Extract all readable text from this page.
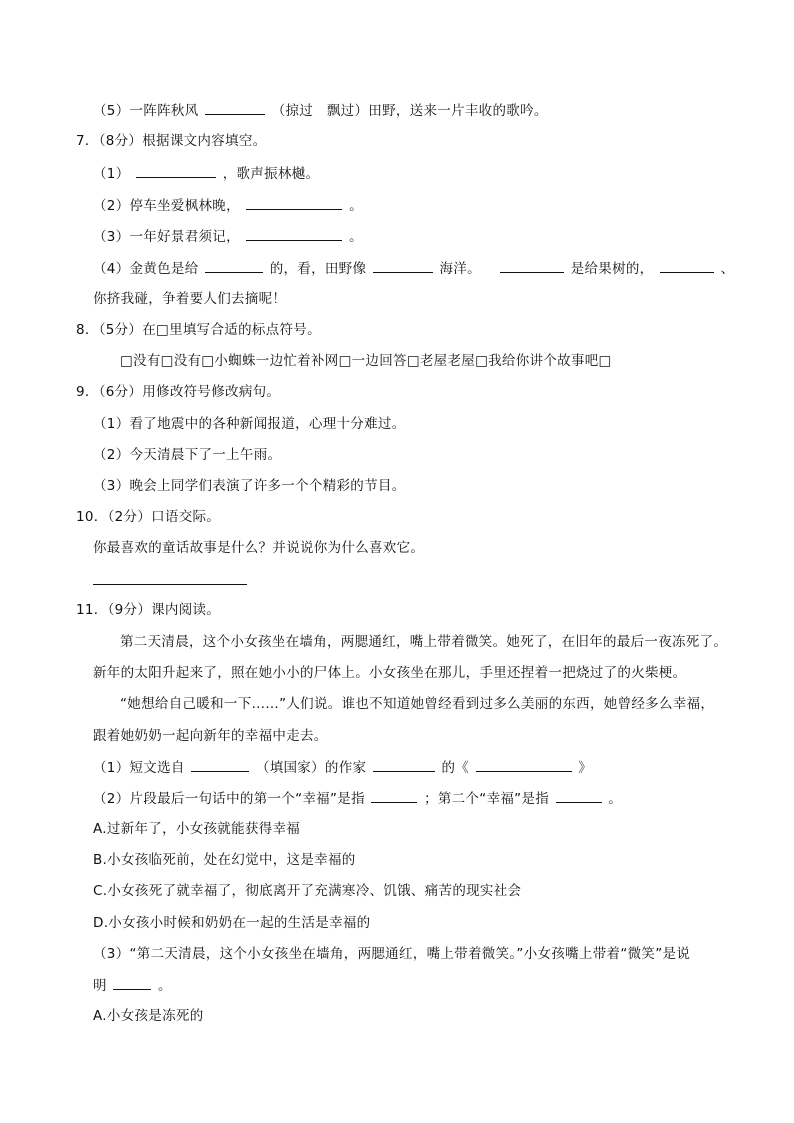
（5）一阵阵秋风	（掠过　飘过）田野，送来一片丰收的歌吟。
7．（8分）根据课文内容填空。
（1）	，歌声振林樾。
（2）停车坐爱枫林晚，	。
（3）一年好景君须记，	。
（4）金黄色是给	的，看，田野像	海洋。	是给果树的，	、
你挤我碰，争着要人们去摘呢！
8．（5分）在□里填写合适的标点符号。
□没有□没有□小蜘蛛一边忙着补网□一边回答□老屋老屋□我给你讲个故事吧□
9．（6分）用修改符号修改病句。
（1）看了地震中的各种新闻报道，心理十分难过。
（2）今天清晨下了一上午雨。
（3）晚会上同学们表演了许多一个个精彩的节目。
10．（2分）口语交际。
你最喜欢的童话故事是什么？并说说你为什么喜欢它。
11．（9分）课内阅读。
第二天清晨，这个小女孩坐在墙角，两腮通红，嘴上带着微笑。她死了，在旧年的最后一夜冻死了。
新年的太阳升起来了，照在她小小的尸体上。小女孩坐在那儿，手里还捏着一把烧过了的火柴梗。
“她想给自己暖和一下……”人们说。谁也不知道她曾经看到过多么美丽的东西，她曾经多么幸福，
跟着她奶奶一起向新年的幸福中走去。
（1）短文选自	（填国家）的作家	的《	》
（2）片段最后一句话中的第一个“幸福”是指	；第二个“幸福”是指	。
A.过新年了，小女孩就能获得幸福
B.小女孩临死前，处在幻觉中，这是幸福的
C.小女孩死了就幸福了，彻底离开了充满寒冷、饥饿、痛苦的现实社会
D.小女孩小时候和奶奶在一起的生活是幸福的
（3）“第二天清晨，这个小女孩坐在墙角，两腮通红，嘴上带着微笑。”小女孩嘴上带着“微笑”是说
明	。
A.小女孩是冻死的
